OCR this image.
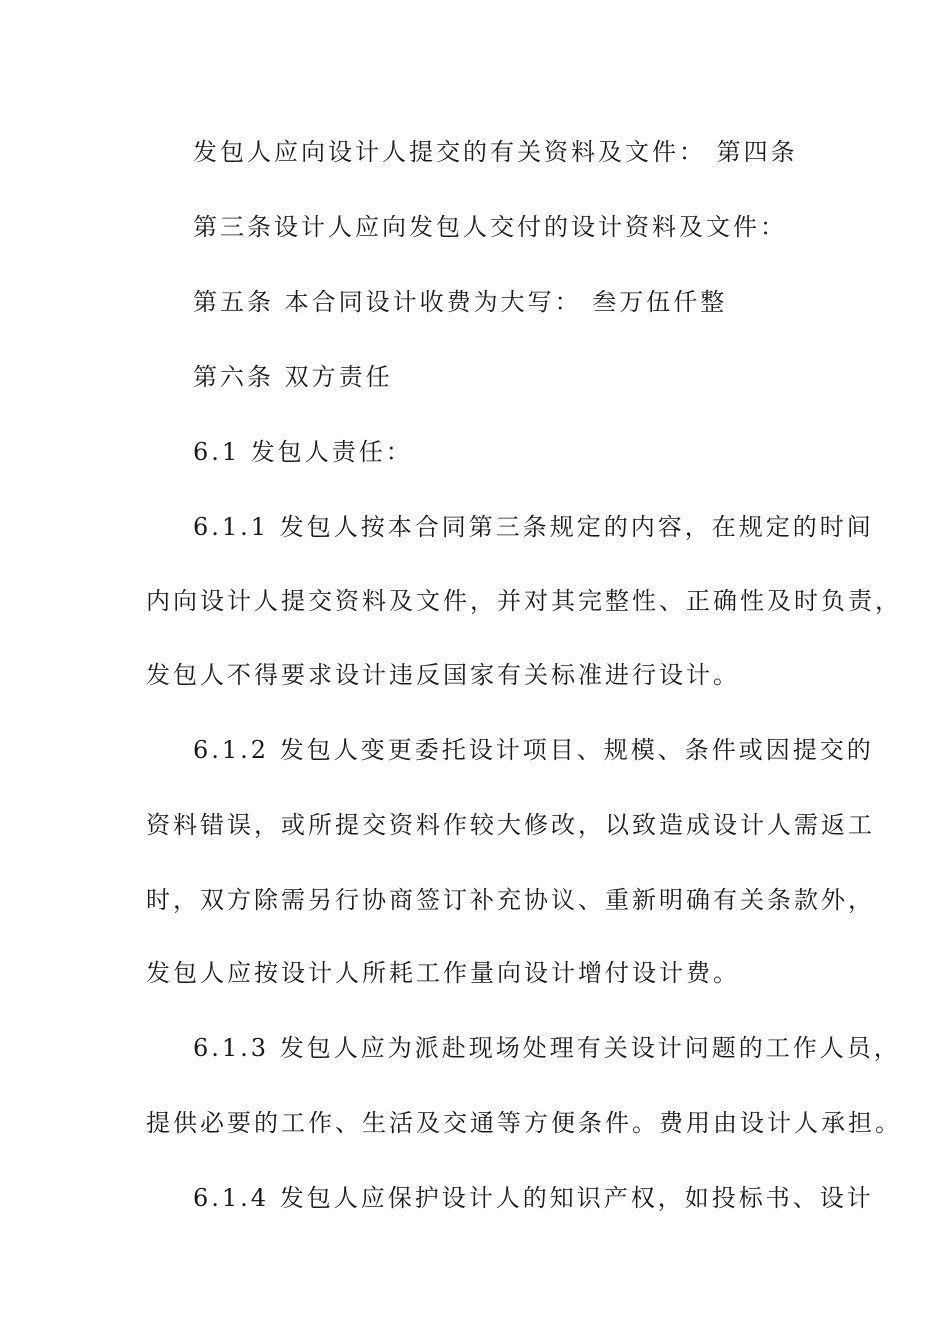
发包人应向设计人提交的有关资料及文件： 第四条
第三条设计人应向发包人交付的设计资料及文件：
第五条 本合同设计收费为大写： 叁万伍仟整
第六条 双方责任
6.1 发包人责任：
6.1.1 发包人按本合同第三条规定的内容，在规定的时间
内向设计人提交资料及文件，并对其完整性、正确性及时负责，
发包人不得要求设计违反国家有关标准进行设计。
6.1.2 发包人变更委托设计项目、规模、条件或因提交的
资料错误，或所提交资料作较大修改，以致造成设计人需返工
时，双方除需另行协商签订补充协议、重新明确有关条款外，
发包人应按设计人所耗工作量向设计增付设计费。
6.1.3 发包人应为派赴现场处理有关设计问题的工作人员，
提供必要的工作、生活及交通等方便条件。费用由设计人承担。
6.1.4 发包人应保护设计人的知识产权，如投标书、设计
